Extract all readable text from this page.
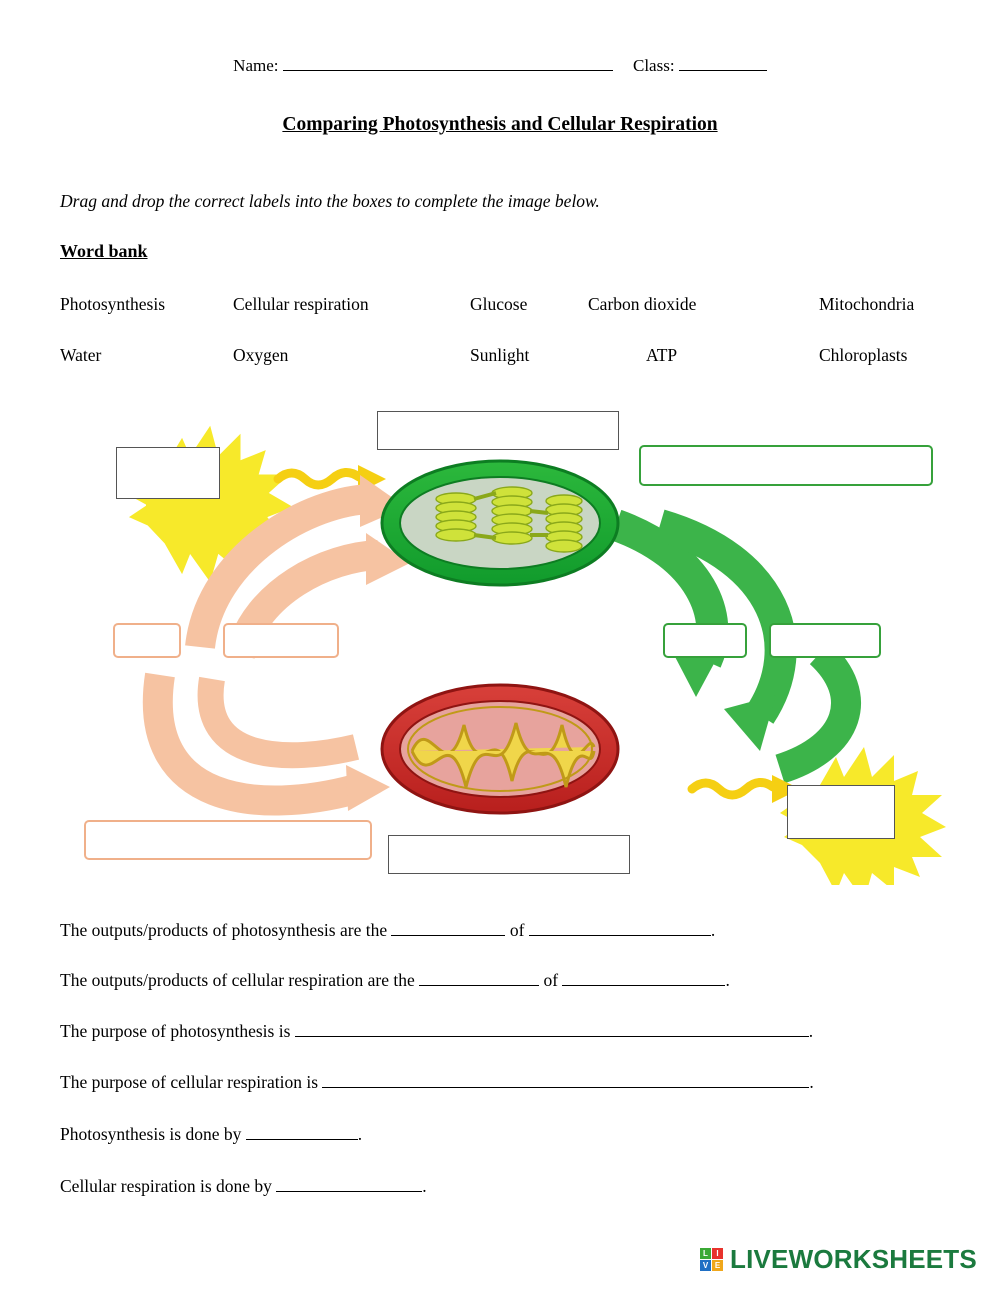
Name:	Class:
Comparing Photosynthesis and Cellular Respiration
Drag and drop the correct labels into the boxes to complete the image below.
Word bank
Photosynthesis	Cellular respiration	Glucose	Carbon dioxide	Mitochondria
Water	Oxygen	Sunlight	ATP	Chloroplasts
The outputs/products of photosynthesis are the	of	.
The outputs/products of cellular respiration are the	of	.
The purpose of photosynthesis is	.
The purpose of cellular respiration is	.
Photosynthesis is done by	.
Cellular respiration is done by	.
L	I
V E LIVEWORKSHEETS
